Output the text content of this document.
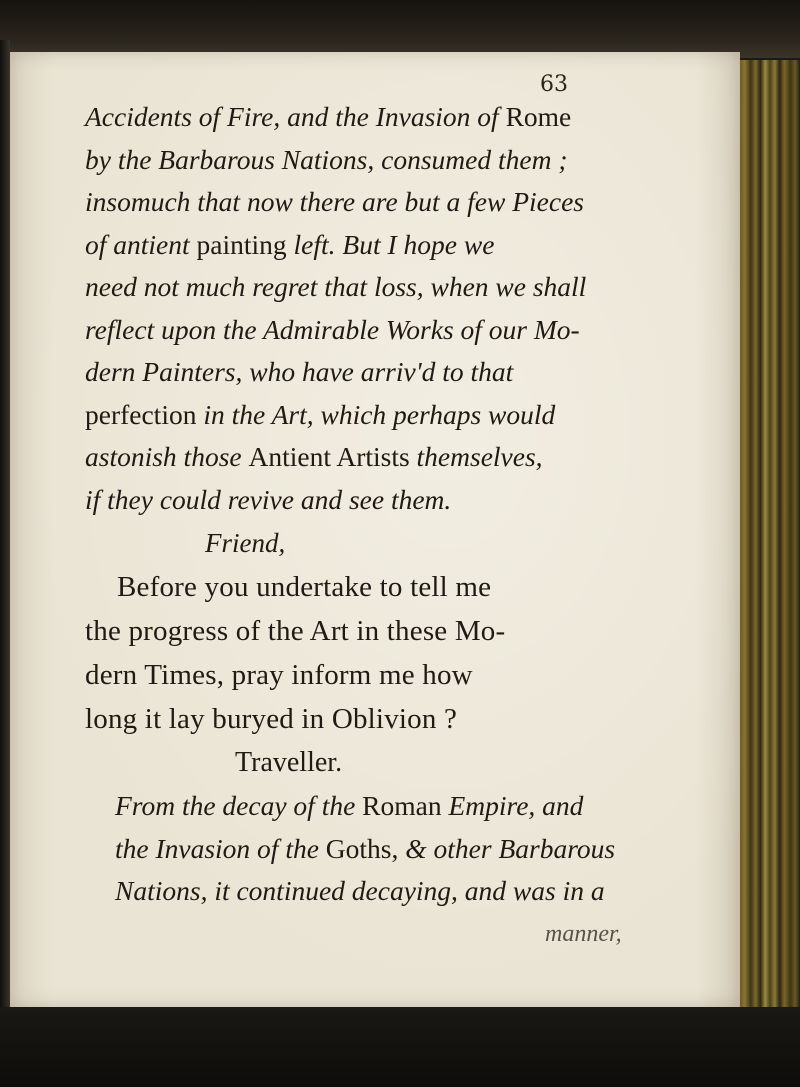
63
Accidents of Fire, and the Invasion of Rome
by the Barbarous Nations, consumed them ;
insomuch that now there are but a few Pieces
of antient painting left. But I hope we
need not much regret that loss, when we shall
reflect upon the Admirable Works of our Mo-
dern Painters, who have arriv'd to that
perfection in the Art, which perhaps would
astonish those Antient Artists themselves,
if they could revive and see them.
Friend,
Before you undertake to tell me
the progress of the Art in these Mo-
dern Times, pray inform me how
long it lay buryed in Oblivion ?
Traveller.
From the decay of the Roman Empire, and
the Invasion of the Goths, & other Barbarous
Nations, it continued decaying, and was in a
manner,
